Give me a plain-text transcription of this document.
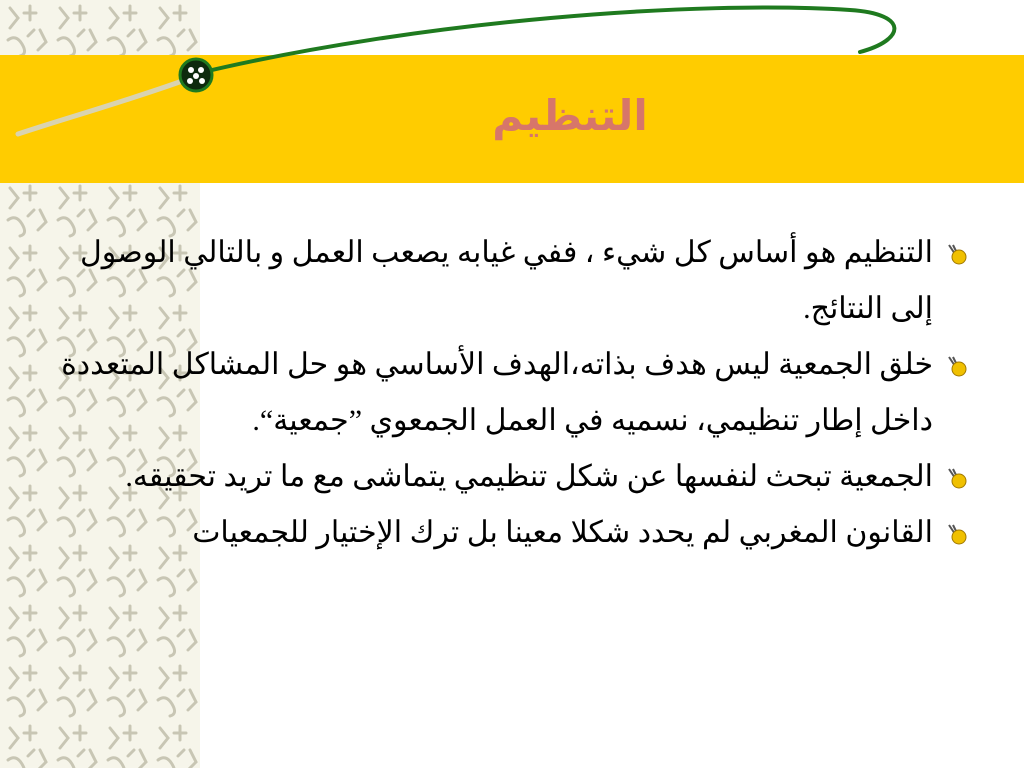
التنظيم
التنظيم هو أساس كل شيء ، ففي غيابه يصعب العمل و بالتالي الوصول إلى النتائج.
خلق الجمعية ليس هدف بذاته،الهدف الأساسي هو حل المشاكل المتعددة داخل إطار تنظيمي، نسميه في العمل الجمعوي ”جمعية“.
الجمعية تبحث لنفسها عن شكل تنظيمي يتماشى مع ما تريد تحقيقه.
القانون المغربي لم يحدد شكلا معينا بل ترك الإختيار للجمعيات
